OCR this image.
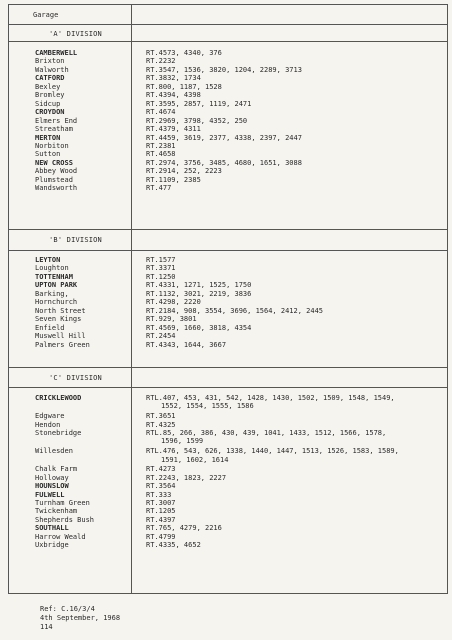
Garage
'A' DIVISION
CAMBERWELL	RT.4573, 4340, 376
Brixton	RT.2232
Walworth	RT.3547, 1536, 3820, 1204, 2289, 3713
CATFORD	RT.3832, 1734
Bexley	RT.800, 1187, 1528
Bromley	RT.4394, 4398
Sidcup	RT.3595, 2857, 1119, 2471
CROYDON	RT.4674
Elmers End	RT.2969, 3798, 4352, 250
Streatham	RT.4379, 4311
MERTON	RT.4459, 3619, 2377, 4338, 2397, 2447
Norbiton	RT.2381
Sutton	RT.4658
NEW CROSS	RT.2974, 3756, 3485, 4680, 1651, 3088
Abbey Wood	RT.2914, 252, 2223
Plumstead	RT.1109, 2385
Wandsworth	RT.477
'B' DIVISION
LEYTON	RT.1577
Loughton	RT.3371
TOTTENHAM	RT.1250
UPTON PARK	RT.4331, 1271, 1525, 1750
Barking,	RT.1132, 3021, 2219, 3836
Hornchurch	RT.4298, 2220
North Street	RT.2184, 908, 3554, 3696, 1564, 2412, 2445
Seven Kings	RT.929, 3801
Enfield	RT.4569, 1660, 3818, 4354
Muswell Hill	RT.2454
Palmers Green	RT.4343, 1644, 3667
'C' DIVISION
CRICKLEWOOD	RTL.407, 453, 431, 542, 1428, 1430, 1502, 1509, 1548, 1549,
1552, 1554, 1555, 1586
Edgware	RT.3651
Hendon	RT.4325
Stonebridge	RTL.85, 266, 386, 430, 439, 1041, 1433, 1512, 1566, 1578,
1596, 1599
Willesden	RTL.476, 543, 626, 1338, 1440, 1447, 1513, 1526, 1583, 1589,
1591, 1602, 1614
Chalk Farm	RT.4273
Holloway	RT.2243, 1823, 2227
HOUNSLOW	RT.3564
FULWELL	RT.333
Turnham Green	RT.3007
Twickenham	RT.1205
Shepherds Bush	RT.4397
SOUTHALL	RT.765, 4279, 2216
Harrow Weald	RT.4799
Uxbridge	RT.4335, 4652
Ref: C.16/3/4
4th September, 1968
114
